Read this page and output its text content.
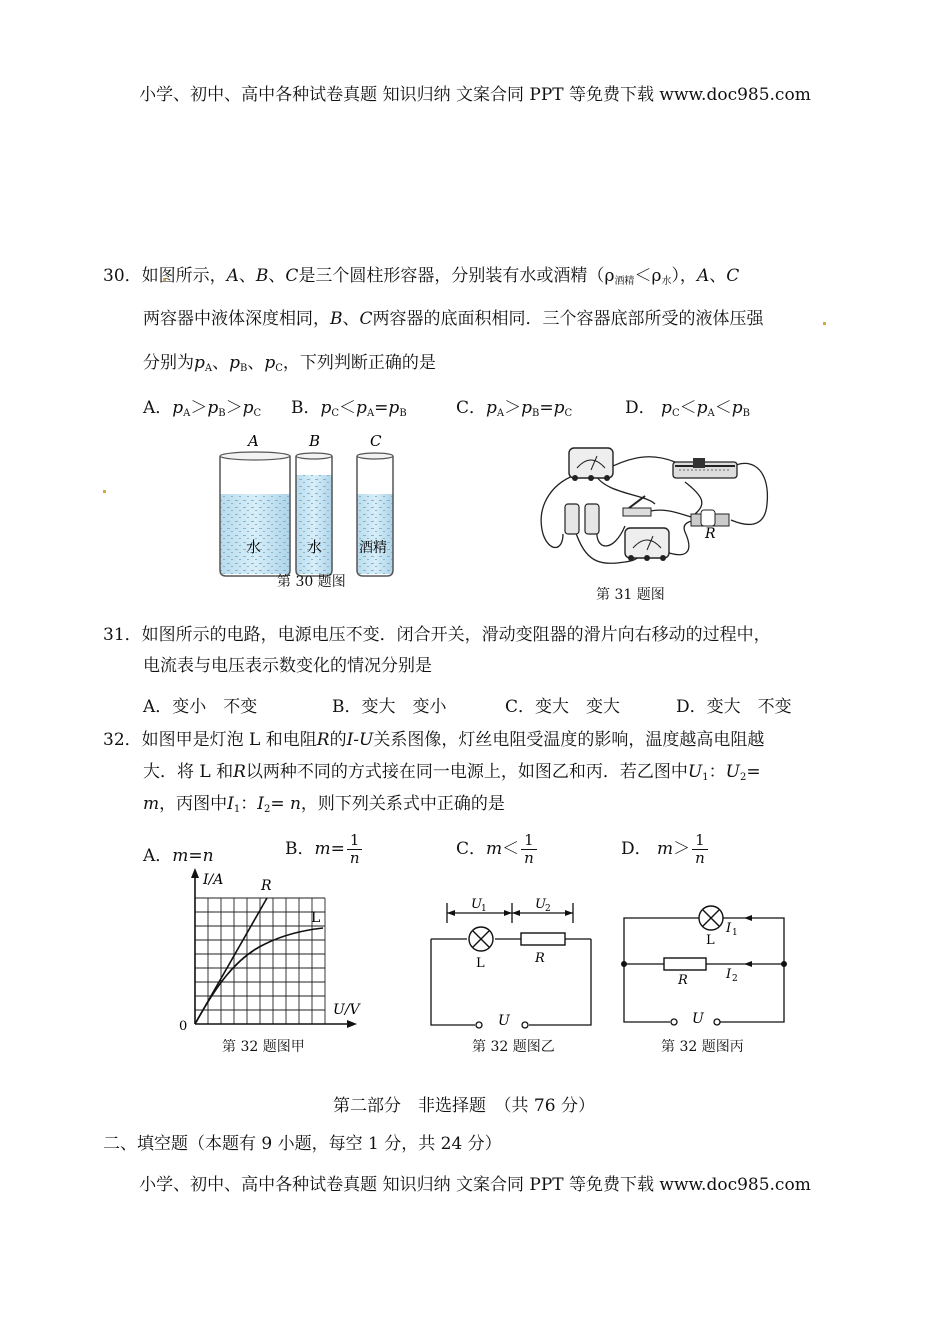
小学、初中、高中各种试卷真题 知识归纳 文案合同 PPT 等免费下载 www.doc985.com
30．如图所示，A、B、C是三个圆柱形容器，分别装有水或酒精$(\rho_{酒精}<\rho_水)$，A、C
两容器中液体深度相同，B、C两容器的底面积相同．三个容器底部所受的液体压强
分别为$p_A$、$p_B$、$p_C$，下列判断正确的是
A．$p_A>p_B>p_C$ B．$p_C<p_A=p_B$	C．$p_A>p_B=p_C$	D． $p_C<p_A<p_B$
A	B	C
水	水	酒精
第 30 题图
R
第 31 题图
31．如图所示的电路，电源电压不变．闭合开关，滑动变阻器的滑片向右移动的过程中，
电流表与电压表示数变化的情况分别是
A．变小　不变	B．变大　变小	C．变大　变大	D．变大　不变
32．如图甲是灯泡 L 和电阻R的I-U关系图像，灯丝电阻受温度的影响，温度越高电阻越
大．将 L 和R以两种不同的方式接在同一电源上，如图乙和丙．若乙图中$U_1$：$U_2=$
m，丙图中$I_1$：$I_2= n$，则下列关系式中正确的是
A．m=n	B．$m= \frac{1}{n}$	C．$m< \frac{1}{n}$	D． $m> \frac{1}{n}$
I/A
U/V
0
R
L
第 32 题图甲
U 1	U 2
L	R
U
第 32 题图乙
L
I 1
R	I 2
U
第 32 题图丙
第二部分　非选择题　（共 76 分）
二、填空题（本题有 9 小题，每空 1 分，共 24 分）
小学、初中、高中各种试卷真题 知识归纳 文案合同 PPT 等免费下载 www.doc985.com
